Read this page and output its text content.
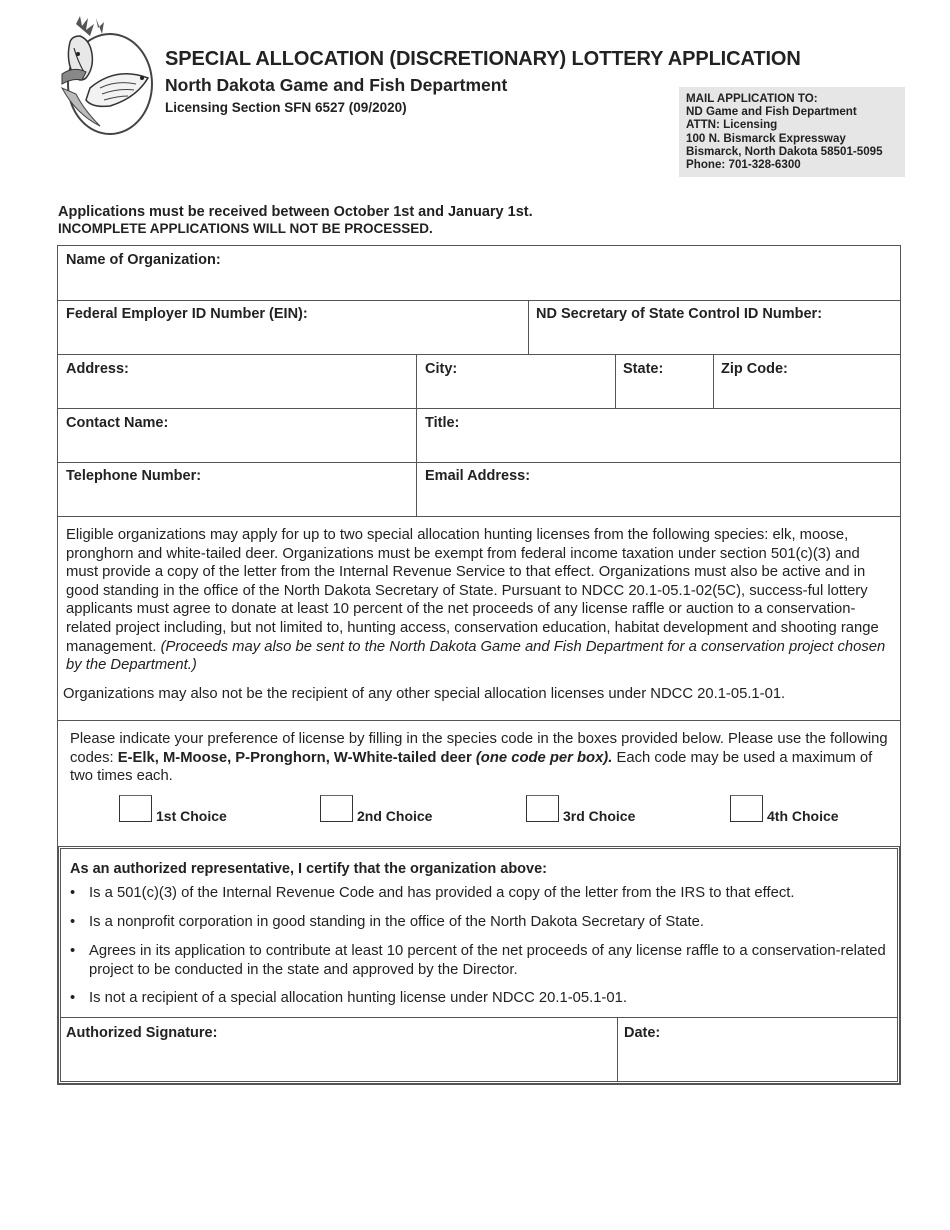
SPECIAL ALLOCATION (DISCRETIONARY) LOTTERY APPLICATION
North Dakota Game and Fish Department
Licensing Section SFN 6527 (09/2020)
MAIL APPLICATION TO:
ND Game and Fish Department
ATTN: Licensing
100 N. Bismarck Expressway
Bismarck, North Dakota 58501-5095
Phone: 701-328-6300
Applications must be received between October 1st and January 1st.
INCOMPLETE APPLICATIONS WILL NOT BE PROCESSED.
Name of Organization:
Federal Employer ID Number (EIN):	ND Secretary of State Control ID Number:
Address:	City:	State:	Zip Code:
Contact Name:	Title:
Telephone Number:	Email Address:
Eligible organizations may apply for up to two special allocation hunting licenses from the following species: elk, moose, pronghorn and white-tailed deer. Organizations must be exempt from federal income taxation under section 501(c)(3) and must provide a copy of the letter from the Internal Revenue Service to that effect. Organizations must also be active and in good standing in the office of the North Dakota Secretary of State. Pursuant to NDCC 20.1-05.1-02(5C), success-ful lottery applicants must agree to donate at least 10 percent of the net proceeds of any license raffle or auction to a conservation-related project including, but not limited to, hunting access, conservation education, habitat development and shooting range management. (Proceeds may also be sent to the North Dakota Game and Fish Department for a conservation project chosen by the Department.)
Organizations may also not be the recipient of any other special allocation licenses under NDCC 20.1-05.1-01.
Please indicate your preference of license by filling in the species code in the boxes provided below. Please use the following codes: E-Elk, M-Moose, P-Pronghorn, W-White-tailed deer (one code per box). Each code may be used a maximum of two times each.
1st Choice	2nd Choice	3rd Choice	4th Choice
As an authorized representative, I certify that the organization above:
• Is a 501(c)(3) of the Internal Revenue Code and has provided a copy of the letter from the IRS to that effect.
• Is a nonprofit corporation in good standing in the office of the North Dakota Secretary of State.
• Agrees in its application to contribute at least 10 percent of the net proceeds of any license raffle to a conservation-related project to be conducted in the state and approved by the Director.
• Is not a recipient of a special allocation hunting license under NDCC 20.1-05.1-01.
Authorized Signature:	Date:
